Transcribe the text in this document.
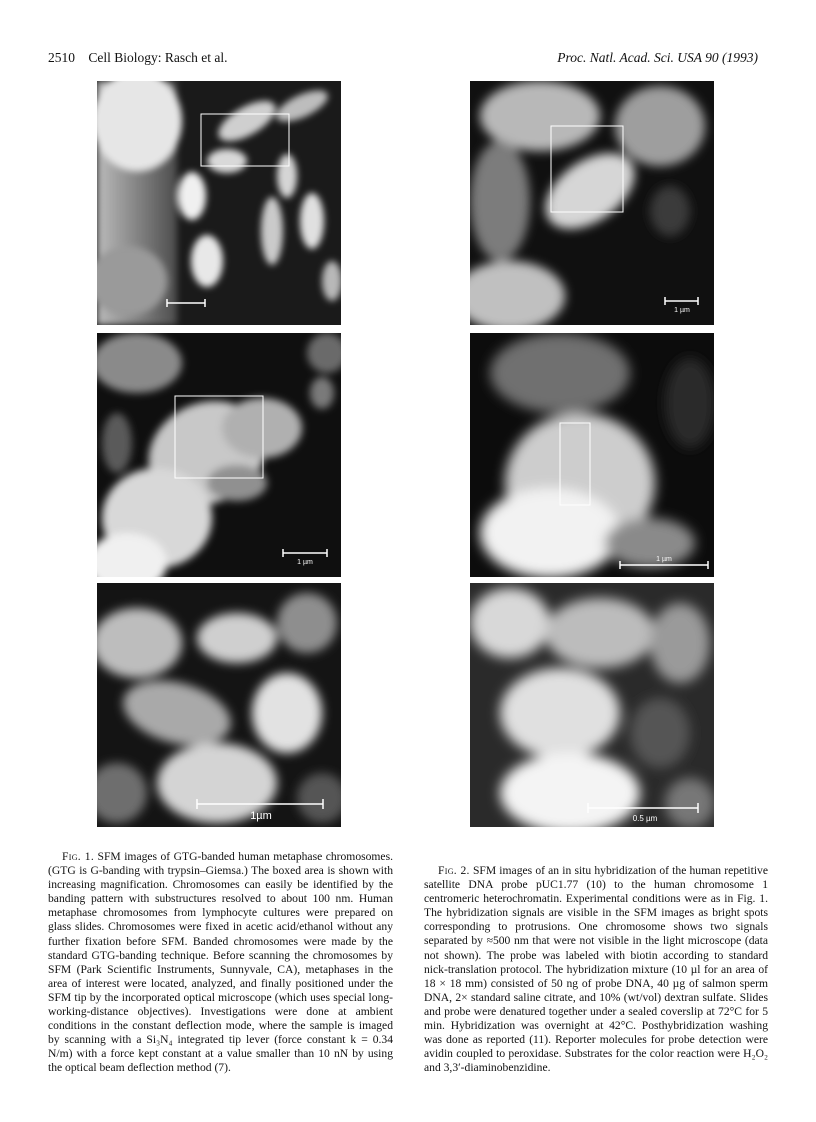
2510 Cell Biology: Rasch et al.	Proc. Natl. Acad. Sci. USA 90 (1993)
1 µm
1µm
1 µm
1 µm
0.5 µm

Fig. 1. SFM images of GTG-banded human metaphase chromosomes. (GTG is G-banding with trypsin–Giemsa.) The boxed area is shown with increasing magnification. Chromosomes can easily be identified by the banding pattern with substructures resolved to about 100 nm. Human metaphase chromosomes from lymphocyte cultures were prepared on glass slides. Chromosomes were fixed in acetic acid/ethanol without any further fixation before SFM. Banded chromosomes were made by the standard GTG-banding technique. Before scanning the chromosomes by SFM (Park Scientific Instruments, Sunnyvale, CA), metaphases in the area of interest were located, analyzed, and finally positioned under the SFM tip by the incorporated optical microscope (which uses special long-working-distance objectives). Investigations were done at ambient conditions in the constant deflection mode, where the sample is imaged by scanning with a Si₃N₄ integrated tip lever (force constant k = 0.34 N/m) with a force kept constant at a value smaller than 10 nN by using the optical beam deflection method (7).

Fig. 2. SFM images of an in situ hybridization of the human repetitive satellite DNA probe pUC1.77 (10) to the human chromosome 1 centromeric heterochromatin. Experimental conditions were as in Fig. 1. The hybridization signals are visible in the SFM images as bright spots corresponding to protrusions. One chromosome shows two signals separated by ≈500 nm that were not visible in the light microscope (data not shown). The probe was labeled with biotin according to standard nick-translation protocol. The hybridization mixture (10 µl for an area of 18 × 18 mm) consisted of 50 ng of probe DNA, 40 µg of salmon sperm DNA, 2× standard saline citrate, and 10% (wt/vol) dextran sulfate. Slides and probe were denatured together under a sealed coverslip at 72°C for 5 min. Hybridization was overnight at 42°C. Posthybridization washing was done as reported (11). Reporter molecules for probe detection were avidin coupled to peroxidase. Substrates for the color reaction were H₂O₂ and 3,3′-diaminobenzidine.
